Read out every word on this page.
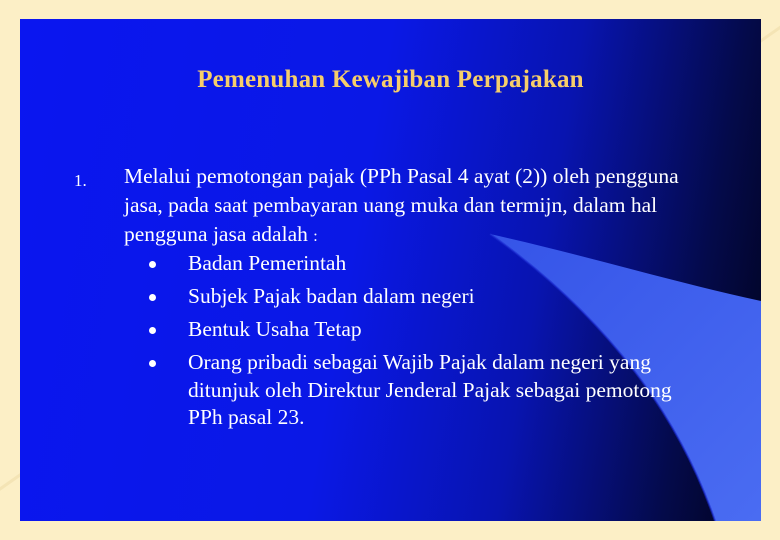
Pemenuhan Kewajiban Perpajakan
1. Melalui pemotongan pajak (PPh Pasal 4 ayat (2)) oleh pengguna jasa, pada saat pembayaran uang muka dan termijn, dalam hal pengguna jasa adalah :

Badan Pemerintah
Subjek Pajak badan dalam negeri
Bentuk Usaha Tetap
Orang pribadi sebagai Wajib Pajak dalam negeri yang ditunjuk oleh Direktur Jenderal Pajak sebagai pemotong PPh pasal 23.
